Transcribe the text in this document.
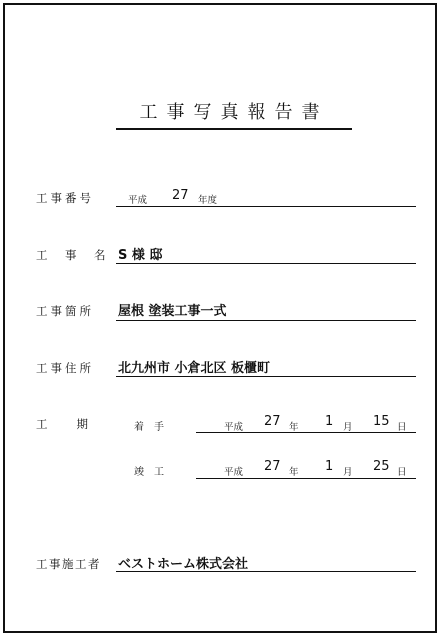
工事写真報告書
工事番号	平成 27 年度
工　事　名 S 様 邸
工事箇所 屋根 塗装工事一式
工事住所 北九州市 小倉北区 板櫃町
工　　期	着　手	平成 27 年 1 月 15 日
竣　工	平成 27 年 1 月 25 日
工事施工者 ベストホーム株式会社
